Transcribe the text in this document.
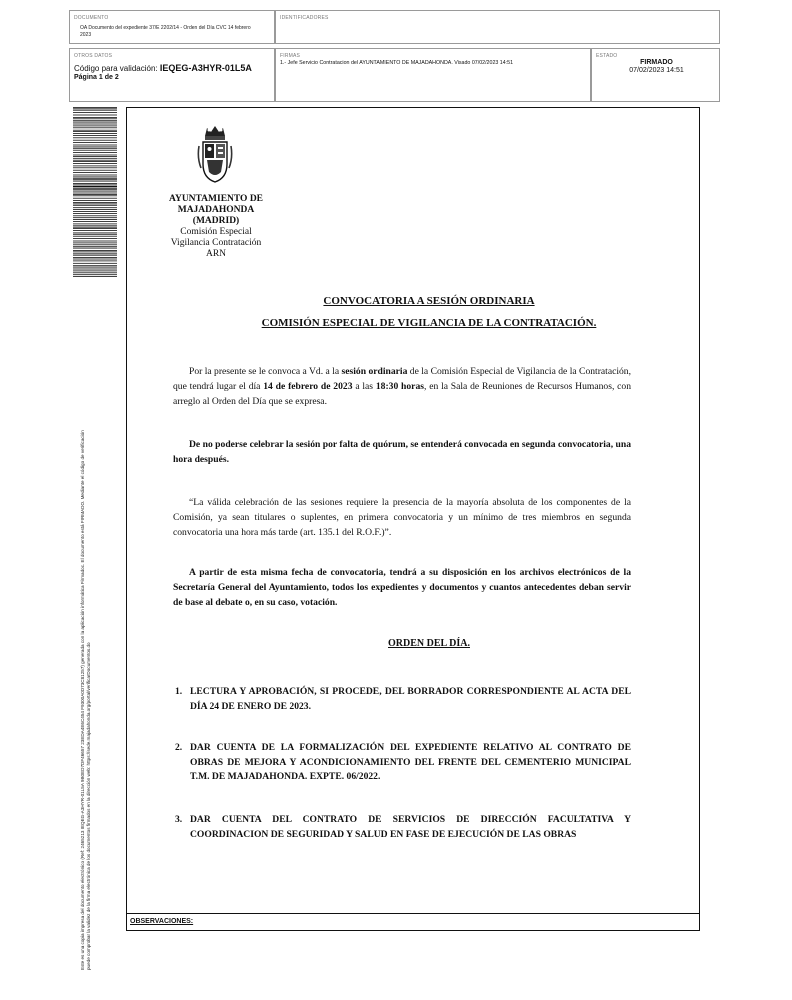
DOCUMENTO
OA Documento del expediente 37/E 2202/14 - Orden del Día CVC 14 febrero 2023
IDENTIFICADORES
OTROS DATOS
Código para validación: IEQEG-A3HYR-01L5A
Página 1 de 2
FIRMAS
1.- Jefe Servicio Contratacion del AYUNTAMIENTO DE MAJADAHONDA. Visado 07/02/2023 14:51
ESTADO
FIRMADO
07/02/2023 14:51
Este es una copia impresa del documento electrónico (Ref: 2465213 IEQEG-A3HYR-01L5A 9B0ED7DF46657 23EDA4E6C454 F9300A0D73C81257) generada con la aplicación informática Firmadoc. El documento está FIRMADO. Mediante el código de verificación puede comprobar la validez de la firma electrónica de los documentos firmados en la dirección web: https://sede.majadahonda.org/portal/verificarDocumentos.do
AYUNTAMIENTO DE
MAJADAHONDA
(MADRID)
Comisión Especial
Vigilancia Contratación
ARN
CONVOCATORIA A SESIÓN ORDINARIA
COMISIÓN ESPECIAL DE VIGILANCIA DE LA CONTRATACIÓN.
Por la presente se le convoca a Vd. a la sesión ordinaria de la Comisión Especial de Vigilancia de la Contratación, que tendrá lugar el día 14 de febrero de 2023 a las 18:30 horas, en la Sala de Reuniones de Recursos Humanos, con arreglo al Orden del Día que se expresa.
De no poderse celebrar la sesión por falta de quórum, se entenderá convocada en segunda convocatoria, una hora después.
“La válida celebración de las sesiones requiere la presencia de la mayoría absoluta de los componentes de la Comisión, ya sean titulares o suplentes, en primera convocatoria y un mínimo de tres miembros en segunda convocatoria una hora más tarde (art. 135.1 del R.O.F.)”.
A partir de esta misma fecha de convocatoria, tendrá a su disposición en los archivos electrónicos de la Secretaría General del Ayuntamiento, todos los expedientes y documentos y cuantos antecedentes deban servir de base al debate o, en su caso, votación.
ORDEN DEL DÍA.
1. LECTURA Y APROBACIÓN, SI PROCEDE, DEL BORRADOR CORRESPONDIENTE AL ACTA DEL DÍA 24 DE ENERO DE 2023.
2. DAR CUENTA DE LA FORMALIZACIÓN DEL EXPEDIENTE RELATIVO AL CONTRATO DE OBRAS DE MEJORA Y ACONDICIONAMIENTO DEL FRENTE DEL CEMENTERIO MUNICIPAL T.M. DE MAJADAHONDA. EXPTE. 06/2022.
3. DAR CUENTA DEL CONTRATO DE SERVICIOS DE DIRECCIÓN FACULTATIVA Y COORDINACION DE SEGURIDAD Y SALUD EN FASE DE EJECUCIÓN DE LAS OBRAS
OBSERVACIONES:
